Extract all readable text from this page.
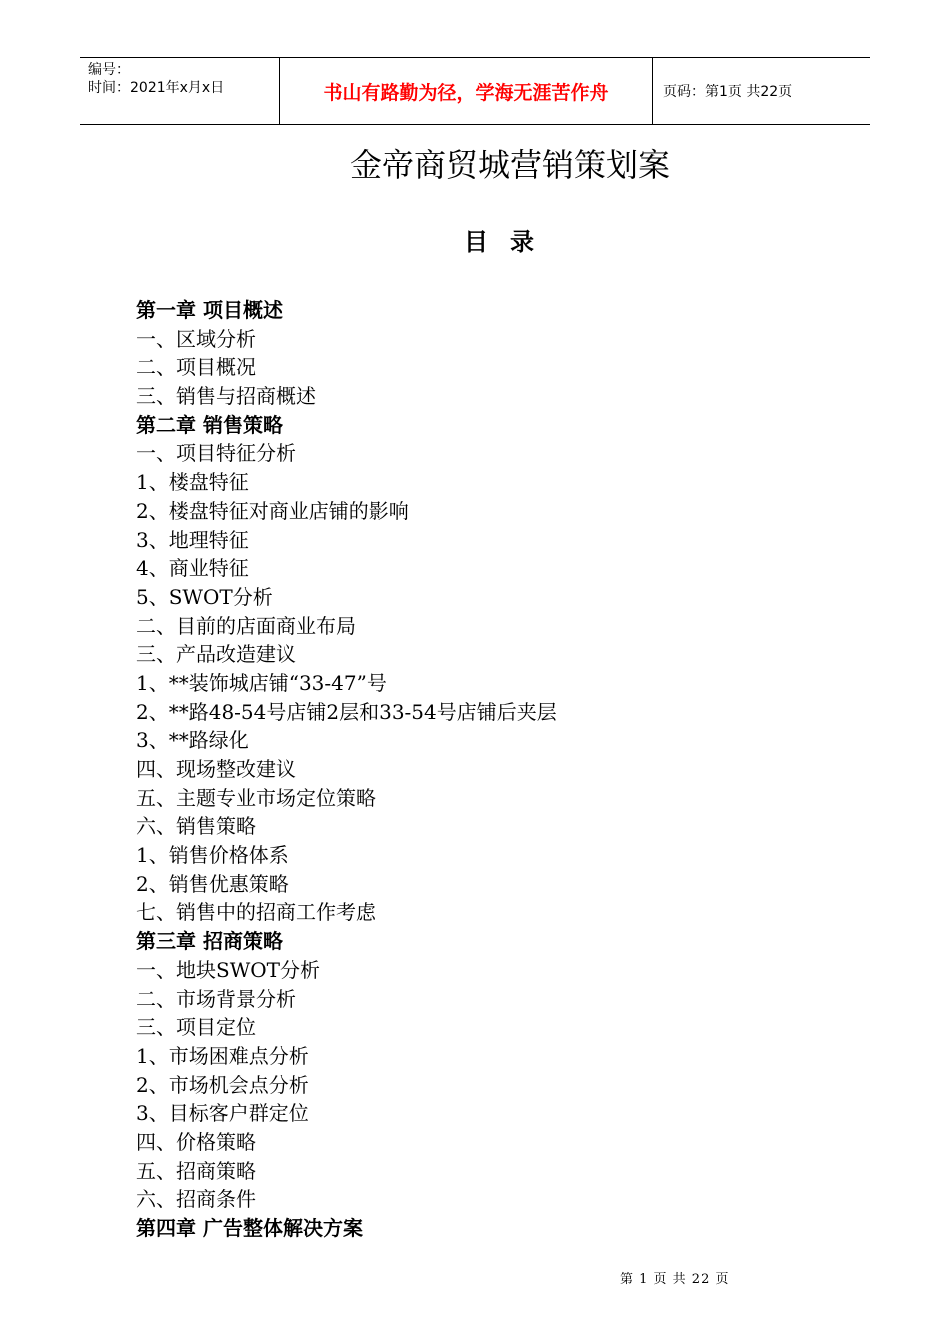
编号：
时间：2021年x月x日	书山有路勤为径，学海无涯苦作舟	页码：第1页 共22页
金帝商贸城营销策划案
目录
第一章 项目概述
一、区域分析
二、项目概况
三、销售与招商概述
第二章 销售策略
一、项目特征分析
1、楼盘特征
2、楼盘特征对商业店铺的影响
3、地理特征
4、商业特征
5、SWOT分析
二、目前的店面商业布局
三、产品改造建议
1、**装饰城店铺“33-47”号
2、**路48-54号店铺2层和33-54号店铺后夹层
3、**路绿化
四、现场整改建议
五、主题专业市场定位策略
六、销售策略
1、销售价格体系
2、销售优惠策略
七、销售中的招商工作考虑
第三章 招商策略
一、地块SWOT分析
二、市场背景分析
三、项目定位
1、市场困难点分析
2、市场机会点分析
3、目标客户群定位
四、价格策略
五、招商策略
六、招商条件
第四章 广告整体解决方案
第 1 页 共 22 页
